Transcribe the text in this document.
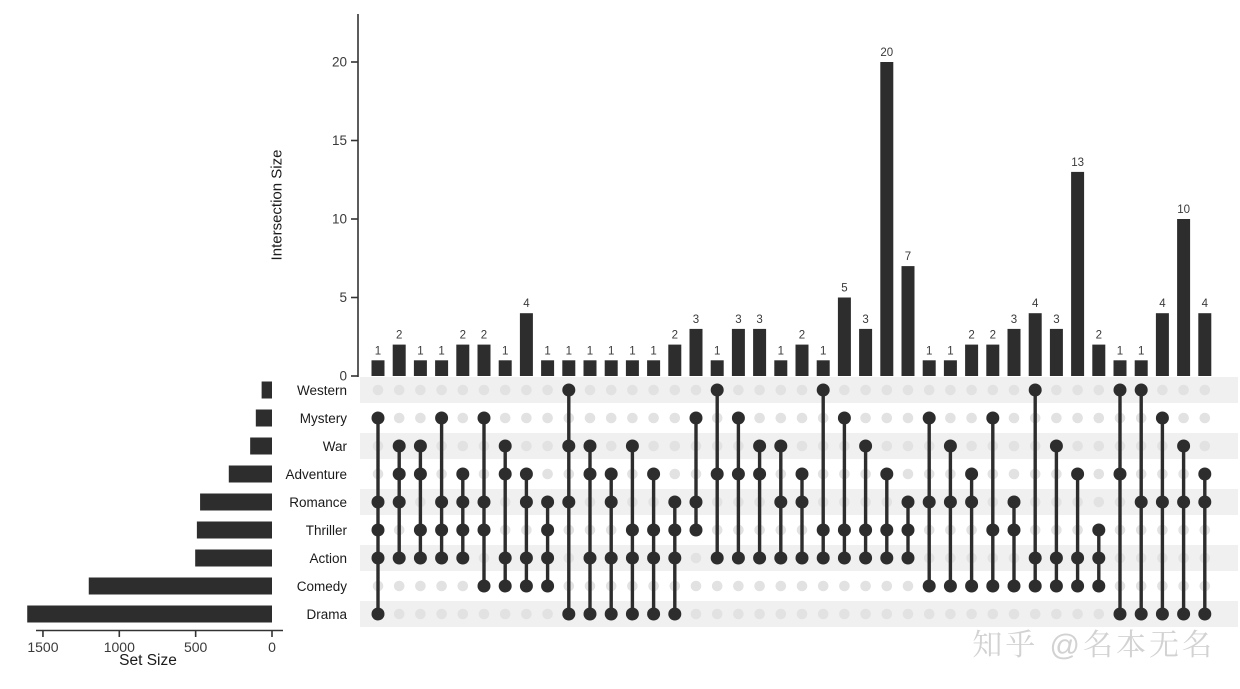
0
5
10
15
20
1
2
1 1
2 2
1
4
1 1 1 1 1 1
2
3
1
3 3
1
2
1
5
3
20
7
1 1
2 2
3
4
3
13
2
1 1
4
10
4
Western
Mystery
War
Adventure
Romance
Thriller
Action
Comedy
Drama
1500	1000	500	0
Intersection Size
Set Size	知乎 @名本无名
